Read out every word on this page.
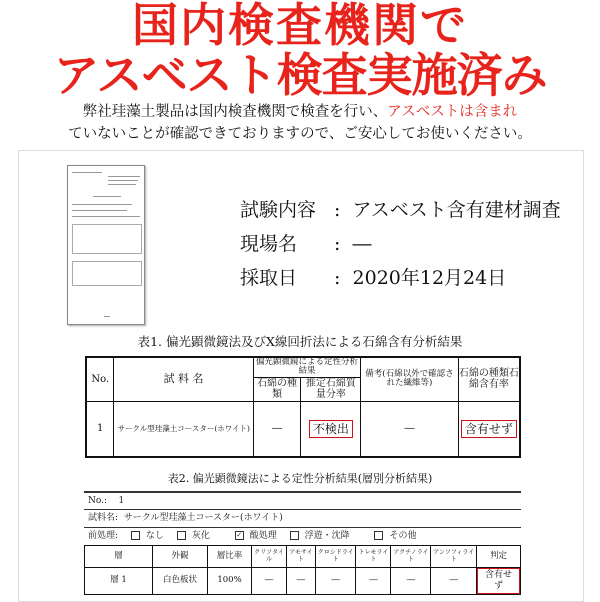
国内検査機関で
アスベスト検査実施済み
弊社珪藻土製品は国内検査機関で検査を行い、アスベストは含まれ
ていないことが確認できておりますので、ご安心してお使いください。
試験内容 :  アスベスト含有建材調査
現場名 :  ―
採取日 :  2020年12月24日
表1. 偏光顕微鏡法及びX線回折法による石綿含有分析結果
No.	試 料 名	偏光顕微鏡による定性分析結果		備考(石綿以外で確認された繊維等)	石綿の種類石綿含有率
		石綿の種類	推定石綿質量分率		
1	サークル型珪藻土コースター(ホワイト)	―	不検出	―	含有せず
表2. 偏光顕微鏡法による定性分析結果(層別分析結果)
No.: 1
試料名: サークル型珪藻土コースター(ホワイト)
前処理:	なし	灰化	✓ 酸処理	浮遊・沈降	その他
層	外観	層比率	クリソタイル	アモサイト	クロシドライト	トレモライト	アクチノライト	アンソフィライト	判定
層 1	白色板状	100%	―	―	―	―	―	―	含有せず
